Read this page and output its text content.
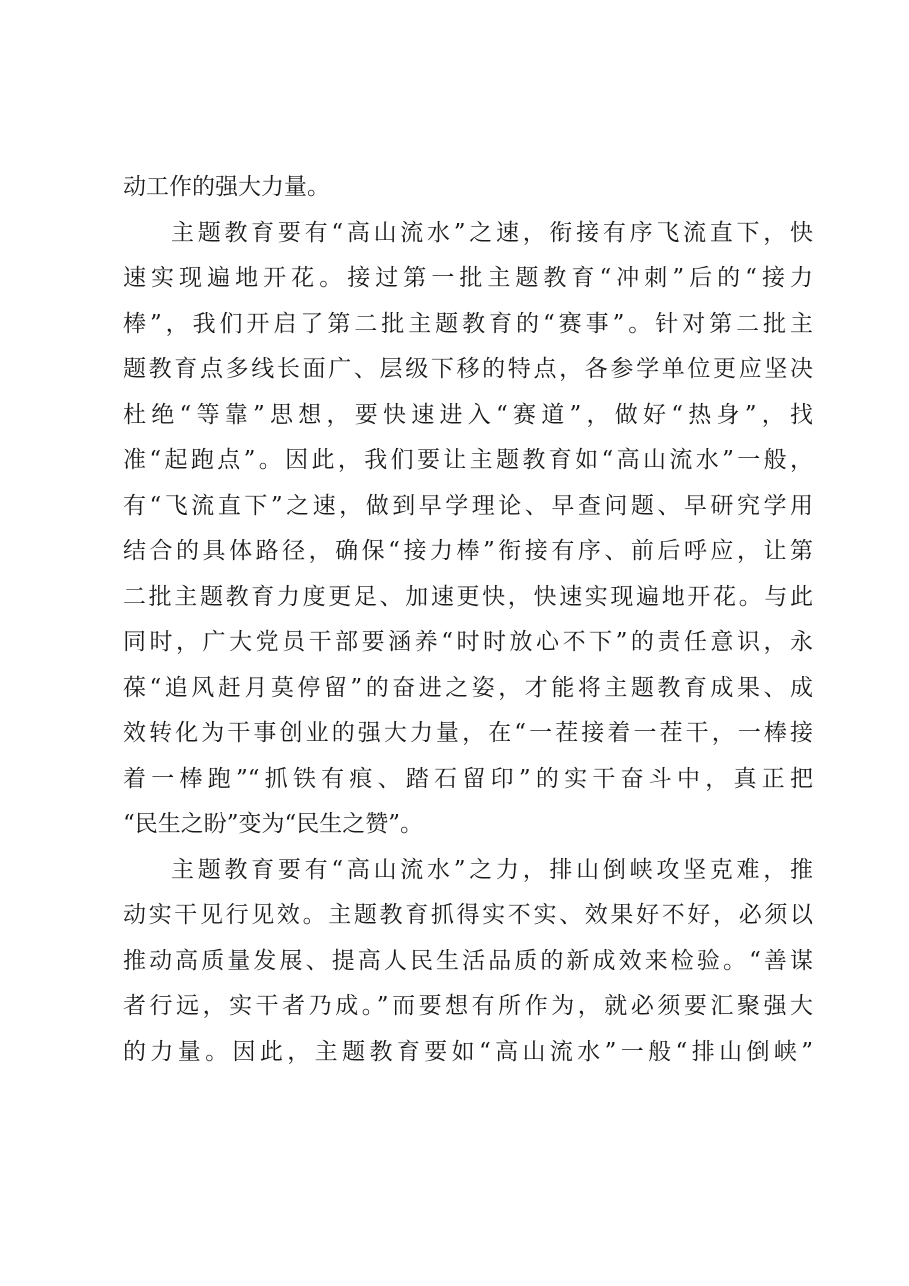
动工作的强大力量。
主题教育要有“高山流水”之速，衔接有序飞流直下，快
速实现遍地开花。接过第一批主题教育“冲刺”后的“接力
棒”，我们开启了第二批主题教育的“赛事”。针对第二批主
题教育点多线长面广、层级下移的特点，各参学单位更应坚决
杜绝“等靠”思想，要快速进入“赛道”，做好“热身”，找
准“起跑点”。因此，我们要让主题教育如“高山流水”一般，
有“飞流直下”之速，做到早学理论、早查问题、早研究学用
结合的具体路径，确保“接力棒”衔接有序、前后呼应，让第
二批主题教育力度更足、加速更快，快速实现遍地开花。与此
同时，广大党员干部要涵养“时时放心不下”的责任意识，永
葆“追风赶月莫停留”的奋进之姿，才能将主题教育成果、成
效转化为干事创业的强大力量，在“一茬接着一茬干，一棒接
着一棒跑”“抓铁有痕、踏石留印”的实干奋斗中，真正把
“民生之盼”变为“民生之赞”。
主题教育要有“高山流水”之力，排山倒峡攻坚克难，推
动实干见行见效。主题教育抓得实不实、效果好不好，必须以
推动高质量发展、提高人民生活品质的新成效来检验。“善谋
者行远，实干者乃成。”而要想有所作为，就必须要汇聚强大
的力量。因此，主题教育要如“高山流水”一般“排山倒峡”
